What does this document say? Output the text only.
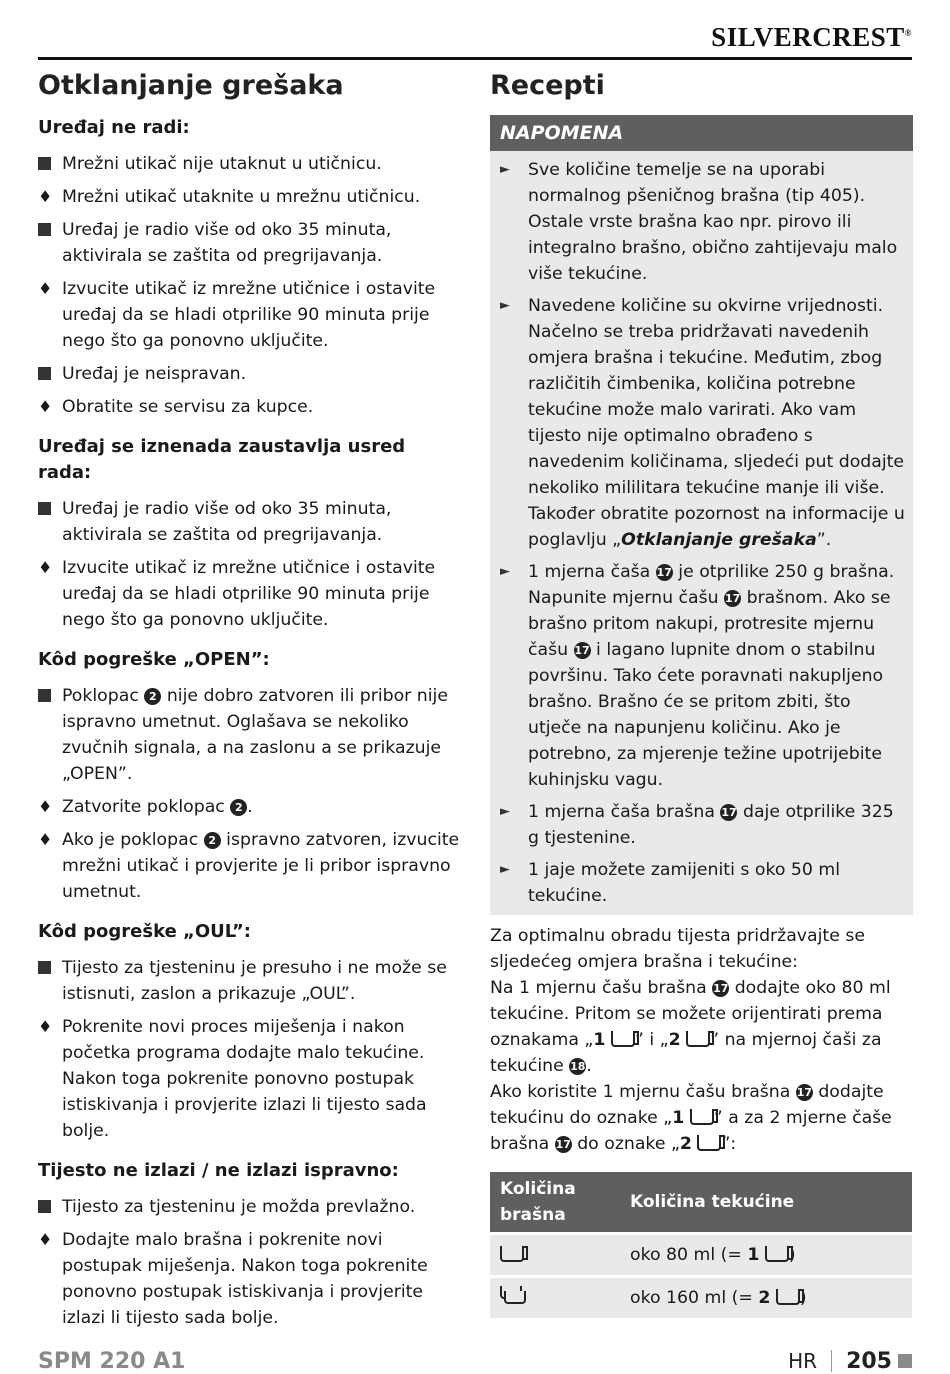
SILVERCREST®
Otklanjanje grešaka
Uređaj ne radi:
Mrežni utikač nije utaknut u utičnicu.
♦ Mrežni utikač utaknite u mrežnu utičnicu.
Uređaj je radio više od oko 35 minuta, aktivirala se zaštita od pregrijavanja.
♦ Izvucite utikač iz mrežne utičnice i ostavite uređaj da se hladi otprilike 90 minuta prije nego što ga ponovno uključite.
Uređaj je neispravan.
♦ Obratite se servisu za kupce.
Uređaj se iznenada zaustavlja usred rada:
Uređaj je radio više od oko 35 minuta, aktivirala se zaštita od pregrijavanja.
♦ Izvucite utikač iz mrežne utičnice i ostavite uređaj da se hladi otprilike 90 minuta prije nego što ga ponovno uključite.
Kôd pogreške „OPEN”:
Poklopac 2 nije dobro zatvoren ili pribor nije ispravno umetnut. Oglašava se nekoliko zvučnih signala, a na zaslonu a se prikazuje „OPEN”.
♦ Zatvorite poklopac 2 .
♦ Ako je poklopac 2 ispravno zatvoren, izvucite mrežni utikač i provjerite je li pribor ispravno umetnut.
Kôd pogreške „OUL”:
Tijesto za tjesteninu je presuho i ne može se istisnuti, zaslon a prikazuje „OUL”.
♦ Pokrenite novi proces miješenja i nakon početka programa dodajte malo tekućine. Nakon toga pokrenite ponovno postupak istiskivanja i provjerite izlazi li tijesto sada bolje.
Tijesto ne izlazi / ne izlazi ispravno:
Tijesto za tjesteninu je možda prevlažno.
♦ Dodajte malo brašna i pokrenite novi postupak miješenja. Nakon toga pokrenite ponovno postupak istiskivanja i provjerite izlazi li tijesto sada bolje.
Recepti
NAPOMENA
► Sve količine temelje se na uporabi normalnog pšeničnog brašna (tip 405). Ostale vrste brašna kao npr. pirovo ili integralno brašno, obično zahtijevaju malo više tekućine.
► Navedene količine su okvirne vrijednosti. Načelno se treba pridržavati navedenih omjera brašna i tekućine. Međutim, zbog različitih čimbenika, količina potrebne tekućine može malo varirati. Ako vam tijesto nije optimalno obrađeno s navedenim količinama, sljedeći put dodajte nekoliko mililitara tekućine manje ili više. Također obratite pozornost na informacije u poglavlju „Otklanjanje grešaka”.
► 1 mjerna čaša 17 je otprilike 250 g brašna. Napunite mjernu čašu 17 brašnom. Ako se brašno pritom nakupi, protresite mjernu čašu 17 i lagano lupnite dnom o stabilnu površinu. Tako ćete poravnati nakupljeno brašno. Brašno će se pritom zbiti, što utječe na napunjenu količinu. Ako je potrebno, za mjerenje težine upotrijebite kuhinjsku vagu.
► 1 mjerna čaša brašna 17 daje otprilike 325 g tjestenine.
► 1 jaje možete zamijeniti s oko 50 ml tekućine.
Za optimalnu obradu tijesta pridržavajte se sljedećeg omjera brašna i tekućine:
Na 1 mjernu čašu brašna 17 dodajte oko 80 ml tekućine. Pritom se možete orijentirati prema oznakama „1 ” i „2 ” na mjernoj čaši za tekućine 18.
Ako koristite 1 mjernu čašu brašna 17 dodajte tekućinu do oznake „1 ” a za 2 mjerne čaše brašna 17 do oznake „2 ”:
Količina brašna	Količina tekućine
	oko 80 ml (= 1 )

	oko 160 ml (= 2 )
SPM 220 A1	HR 205
